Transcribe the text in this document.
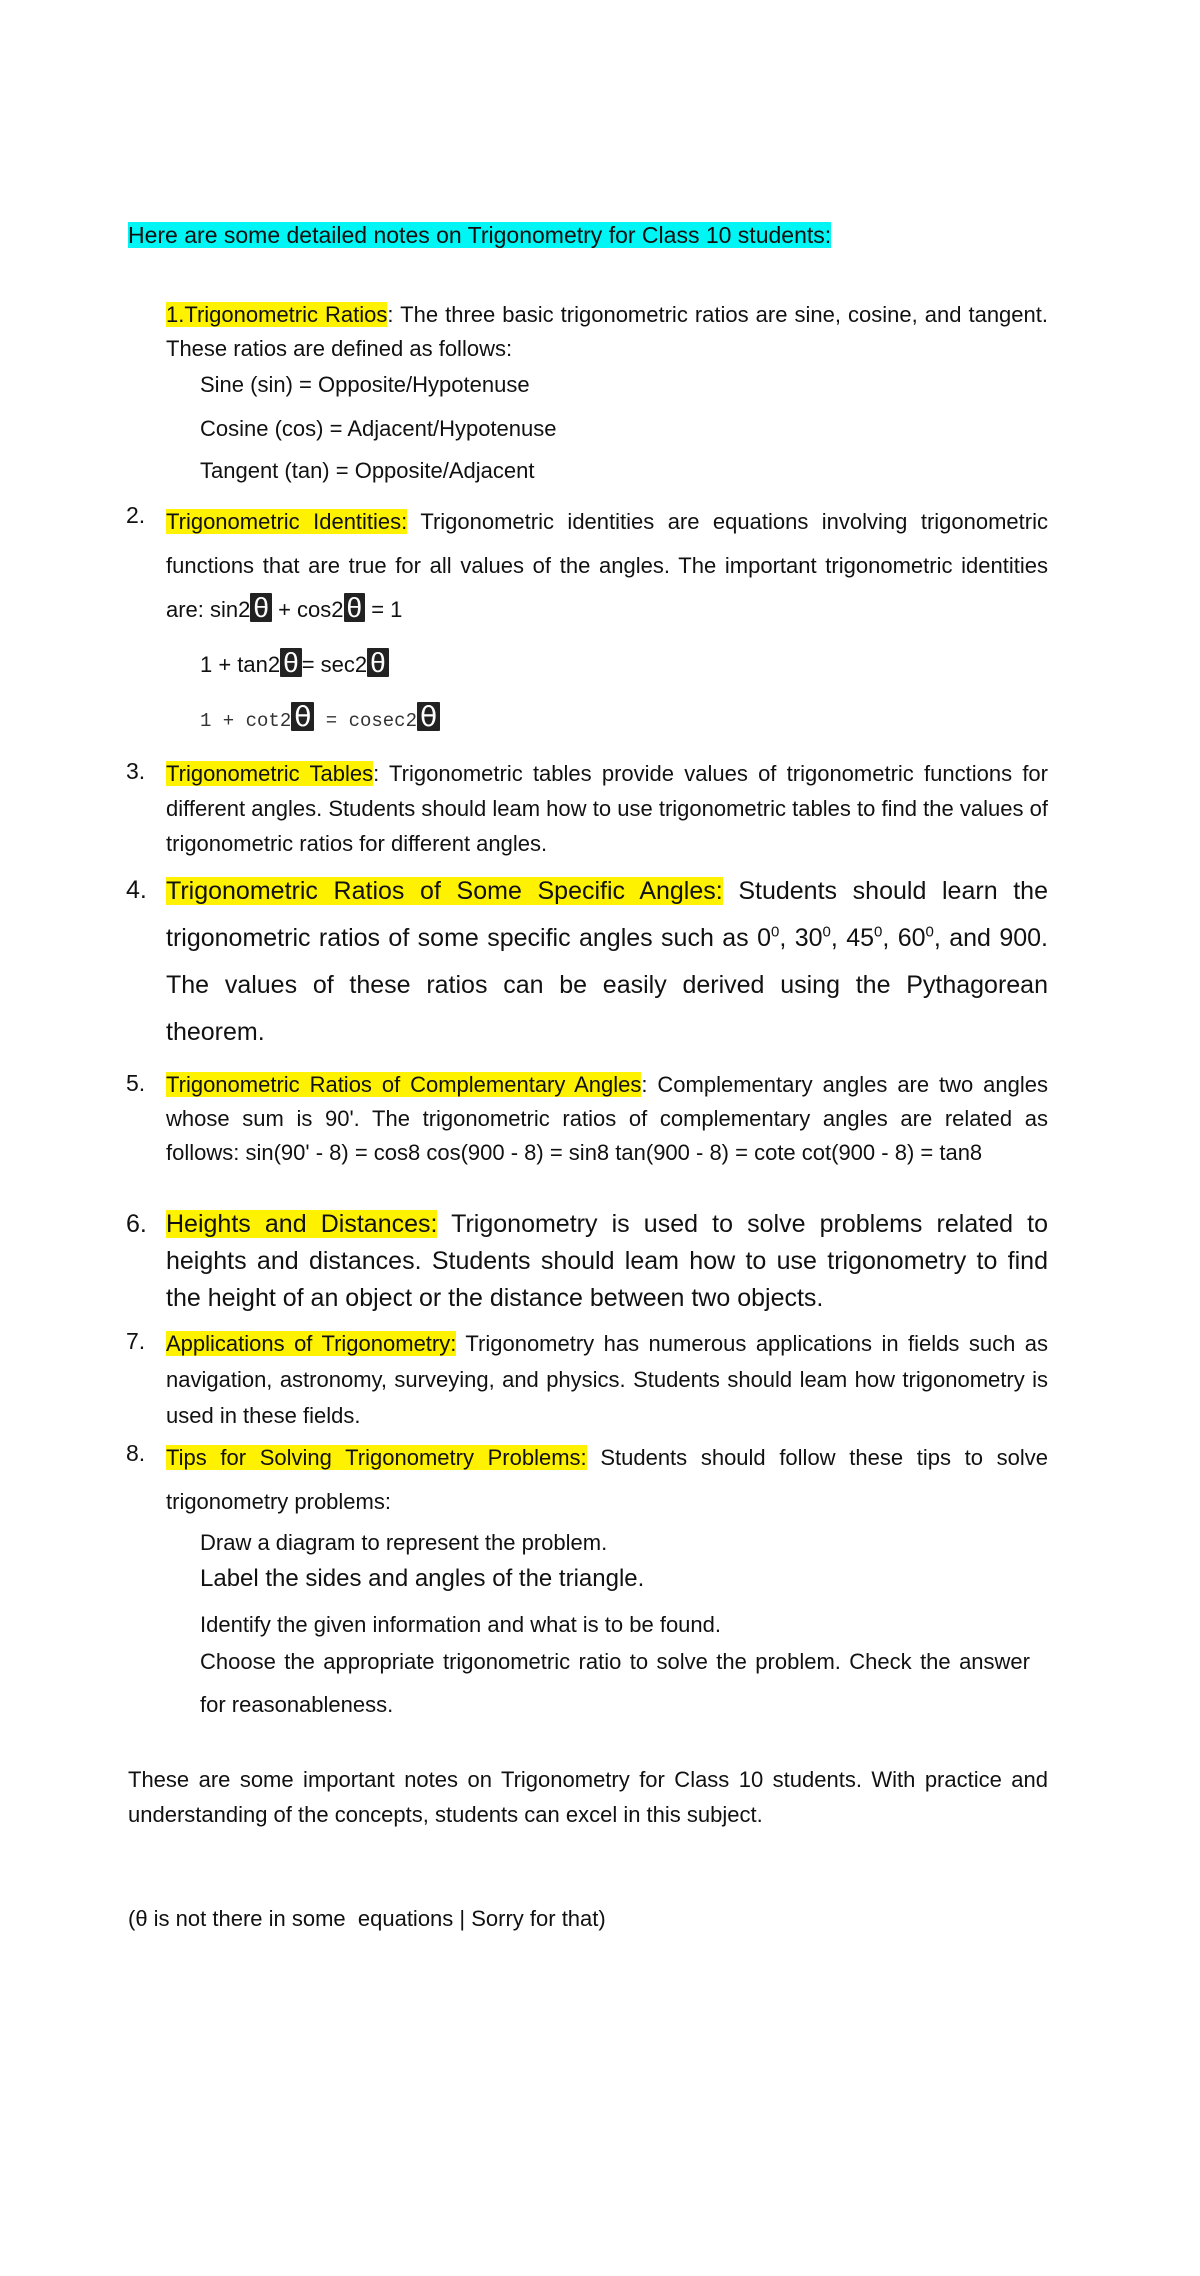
Here are some detailed notes on Trigonometry for Class 10 students:
1.Trigonometric Ratios: The three basic trigonometric ratios are sine, cosine, and tangent. These ratios are defined as follows:
Sine (sin) = Opposite/Hypotenuse
Cosine (cos) = Adjacent/Hypotenuse
Tangent (tan) = Opposite/Adjacent
2. Trigonometric Identities: Trigonometric identities are equations involving trigonometric functions that are true for all values of the angles. The important trigonometric identities are: sin2 θ + cos2 θ = 1
1 + tan2 θ = sec2 θ
1 + cot2 θ = cosec2 θ
3. Trigonometric Tables: Trigonometric tables provide values of trigonometric functions for different angles. Students should leam how to use trigonometric tables to find the values of trigonometric ratios for different angles.
4. Trigonometric Ratios of Some Specific Angles: Students should learn the trigonometric ratios of some specific angles such as $0^0$, $30^0$, $45^0$, $60^0$, and 900. The values of these ratios can be easily derived using the Pythagorean theorem.
5. Trigonometric Ratios of Complementary Angles: Complementary angles are two angles whose sum is 90'. The trigonometric ratios of complementary angles are related as follows: sin(90' - 8) = cos8 cos(900 - 8) = sin8 tan(900 - 8) = cote cot(900 - 8) = tan8
6. Heights and Distances: Trigonometry is used to solve problems related to heights and distances. Students should leam how to use trigonometry to find the height of an object or the distance between two objects.
7. Applications of Trigonometry: Trigonometry has numerous applications in fields such as navigation, astronomy, surveying, and physics. Students should leam how trigonometry is used in these fields.
8. Tips for Solving Trigonometry Problems: Students should follow these tips to solve trigonometry problems:
Draw a diagram to represent the problem.
Label the sides and angles of the triangle.
Identify the given information and what is to be found.
Choose the appropriate trigonometric ratio to solve the problem. Check the answer for reasonableness.
These are some important notes on Trigonometry for Class 10 students. With practice and understanding of the concepts, students can excel in this subject.
(θ is not there in some  equations | Sorry for that)
